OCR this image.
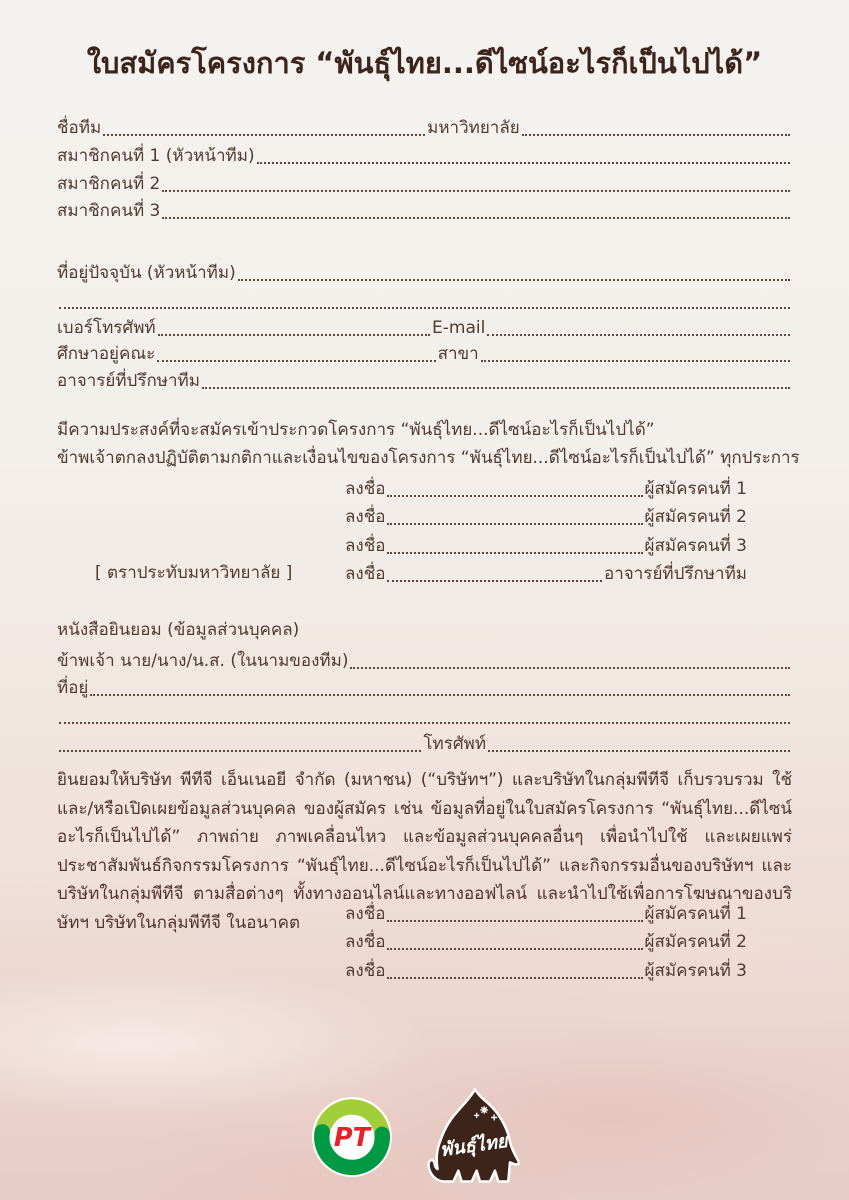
ใบสมัครโครงการ “พันธุ์ไทย...ดีไซน์อะไรก็เป็นไปได้”
ชื่อทีม	มหาวิทยาลัย
สมาชิกคนที่ 1 (หัวหน้าทีม)
สมาชิกคนที่ 2
สมาชิกคนที่ 3
ที่อยู่ปัจจุบัน (หัวหน้าทีม)
เบอร์โทรศัพท์	E-mail
ศึกษาอยู่คณะ	สาขา
อาจารย์ที่ปรึกษาทีม
มีความประสงค์ที่จะสมัครเข้าประกวดโครงการ “พันธุ์ไทย...ดีไซน์อะไรก็เป็นไปได้”
ข้าพเจ้าตกลงปฏิบัติตามกติกาและเงื่อนไขของโครงการ “พันธุ์ไทย...ดีไซน์อะไรก็เป็นไปได้” ทุกประการ
ลงชื่อ	ผู้สมัครคนที่ 1
ลงชื่อ	ผู้สมัครคนที่ 2
ลงชื่อ	ผู้สมัครคนที่ 3
[ ตราประทับมหาวิทยาลัย ]	ลงชื่อ	อาจารย์ที่ปรึกษาทีม
หนังสือยินยอม (ข้อมูลส่วนบุคคล)
ข้าพเจ้า นาย/นาง/น.ส. (ในนามของทีม)
ที่อยู่
โทรศัพท์
ยินยอมให้บริษัท พีทีจี เอ็นเนอยี จำกัด (มหาชน) (“บริษัทฯ”) และบริษัทในกลุ่มพีทีจี เก็บรวบรวม ใช้ และ/หรือเปิดเผยข้อมูลส่วนบุคคล ของผู้สมัคร เช่น ข้อมูลที่อยู่ในใบสมัครโครงการ “พันธุ์ไทย...ดีไซน์อะไรก็เป็นไปได้” ภาพถ่าย ภาพเคลื่อนไหว และข้อมูลส่วนบุคคลอื่นๆ เพื่อนำไปใช้ และเผยแพร่ประชาสัมพันธ์กิจกรรมโครงการ “พันธุ์ไทย...ดีไซน์อะไรก็เป็นไปได้” และกิจกรรมอื่นของบริษัทฯ และบริษัทในกลุ่มพีทีจี ตามสื่อต่างๆ ทั้งทางออนไลน์และทางออฟไลน์ และนำไปใช้เพื่อการโฆษณาของบริษัทฯ บริษัทในกลุ่มพีทีจี ในอนาคต	ลงชื่อ	ผู้สมัครคนที่ 1
ลงชื่อ	ผู้สมัครคนที่ 2
ลงชื่อ	ผู้สมัครคนที่ 3
PT	พันธุ์ไทย
